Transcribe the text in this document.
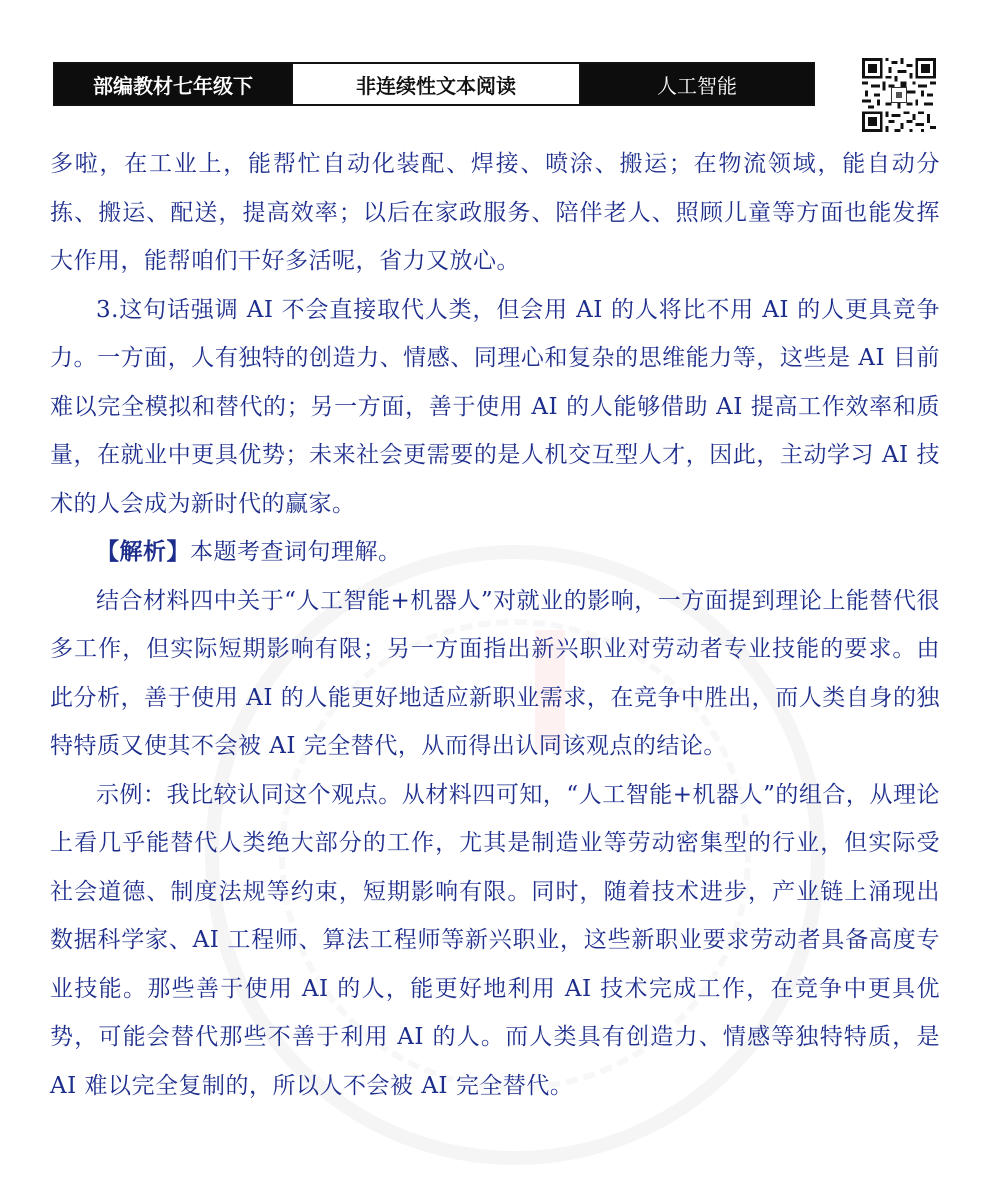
部编教材七年级下	非连续性文本阅读	人工智能

多啦，在工业上，能帮忙自动化装配、焊接、喷涂、搬运；在物流领域，能自动分拣、搬运、配送，提高效率；以后在家政服务、陪伴老人、照顾儿童等方面也能发挥大作用，能帮咱们干好多活呢，省力又放心。

3.这句话强调 AI 不会直接取代人类，但会用 AI 的人将比不用 AI 的人更具竞争力。一方面，人有独特的创造力、情感、同理心和复杂的思维能力等，这些是 AI 目前难以完全模拟和替代的；另一方面，善于使用 AI 的人能够借助 AI 提高工作效率和质量，在就业中更具优势；未来社会更需要的是人机交互型人才，因此，主动学习 AI 技术的人会成为新时代的赢家。

【解析】本题考查词句理解。

结合材料四中关于“人工智能+机器人”对就业的影响，一方面提到理论上能替代很多工作，但实际短期影响有限；另一方面指出新兴职业对劳动者专业技能的要求。由此分析，善于使用 AI 的人能更好地适应新职业需求，在竞争中胜出，而人类自身的独特特质又使其不会被 AI 完全替代，从而得出认同该观点的结论。

示例：我比较认同这个观点。从材料四可知，“人工智能+机器人”的组合，从理论上看几乎能替代人类绝大部分的工作，尤其是制造业等劳动密集型的行业，但实际受社会道德、制度法规等约束，短期影响有限。同时，随着技术进步，产业链上涌现出数据科学家、AI 工程师、算法工程师等新兴职业，这些新职业要求劳动者具备高度专业技能。那些善于使用 AI 的人，能更好地利用 AI 技术完成工作，在竞争中更具优势，可能会替代那些不善于利用 AI 的人。而人类具有创造力、情感等独特特质，是 AI 难以完全复制的，所以人不会被 AI 完全替代。
